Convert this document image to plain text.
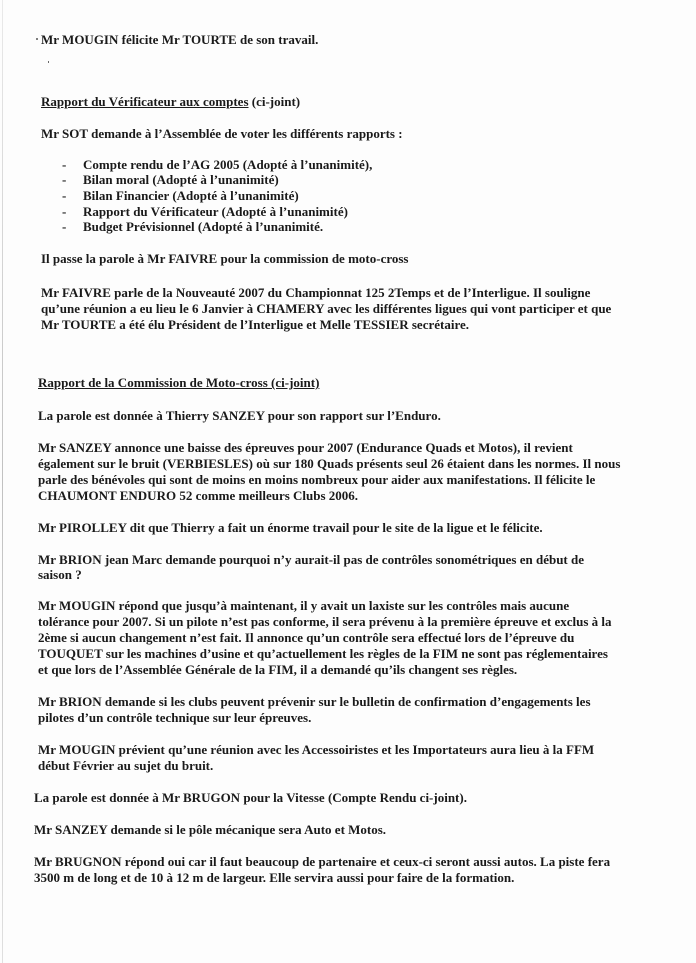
Mr MOUGIN félicite Mr TOURTE de son travail.
Rapport du Vérificateur aux comptes (ci-joint)
Mr SOT demande à l’Assemblée de voter les différents rapports :
- Compte rendu de l’AG 2005 (Adopté à l’unanimité),
- Bilan moral (Adopté à l’unanimité)
- Bilan Financier (Adopté à l’unanimité)
- Rapport du Vérificateur (Adopté à l’unanimité)
- Budget Prévisionnel (Adopté à l’unanimité.
Il passe la parole à Mr FAIVRE pour la commission de moto-cross
Mr FAIVRE parle de la Nouveauté 2007 du Championnat 125 2Temps et de l’Interligue. Il souligne
qu’une réunion a eu lieu le 6 Janvier à CHAMERY avec les différentes ligues qui vont participer et que
Mr TOURTE a été élu Président de l’Interligue et Melle TESSIER secrétaire.
Rapport de la Commission de Moto-cross (ci-joint)
La parole est donnée à Thierry SANZEY pour son rapport sur l’Enduro.
Mr SANZEY annonce une baisse des épreuves pour 2007 (Endurance Quads et Motos), il revient
également sur le bruit (VERBIESLES) où sur 180 Quads présents seul 26 étaient dans les normes. Il nous
parle des bénévoles qui sont de moins en moins nombreux pour aider aux manifestations. Il félicite le
CHAUMONT ENDURO 52 comme meilleurs Clubs 2006.
Mr PIROLLEY dit que Thierry a fait un énorme travail pour le site de la ligue et le félicite.
Mr BRION jean Marc demande pourquoi n’y aurait-il pas de contrôles sonométriques en début de
saison ?
Mr MOUGIN répond que jusqu’à maintenant, il y avait un laxiste sur les contrôles mais aucune
tolérance pour 2007. Si un pilote n’est pas conforme, il sera prévenu à la première épreuve et exclus à la
2ème si aucun changement n’est fait. Il annonce qu’un contrôle sera effectué lors de l’épreuve du
TOUQUET sur les machines d’usine et qu’actuellement les règles de la FIM ne sont pas réglementaires
et que lors de l’Assemblée Générale de la FIM, il a demandé qu’ils changent ses règles.
Mr BRION demande si les clubs peuvent prévenir sur le bulletin de confirmation d’engagements les
pilotes d’un contrôle technique sur leur épreuves.
Mr MOUGIN prévient qu’une réunion avec les Accessoiristes et les Importateurs aura lieu à la FFM
début Février au sujet du bruit.
La parole est donnée à Mr BRUGON pour la Vitesse (Compte Rendu ci-joint).
Mr SANZEY demande si le pôle mécanique sera Auto et Motos.
Mr BRUGNON répond oui car il faut beaucoup de partenaire et ceux-ci seront aussi autos. La piste fera
3500 m de long et de 10 à 12 m de largeur. Elle servira aussi pour faire de la formation.
